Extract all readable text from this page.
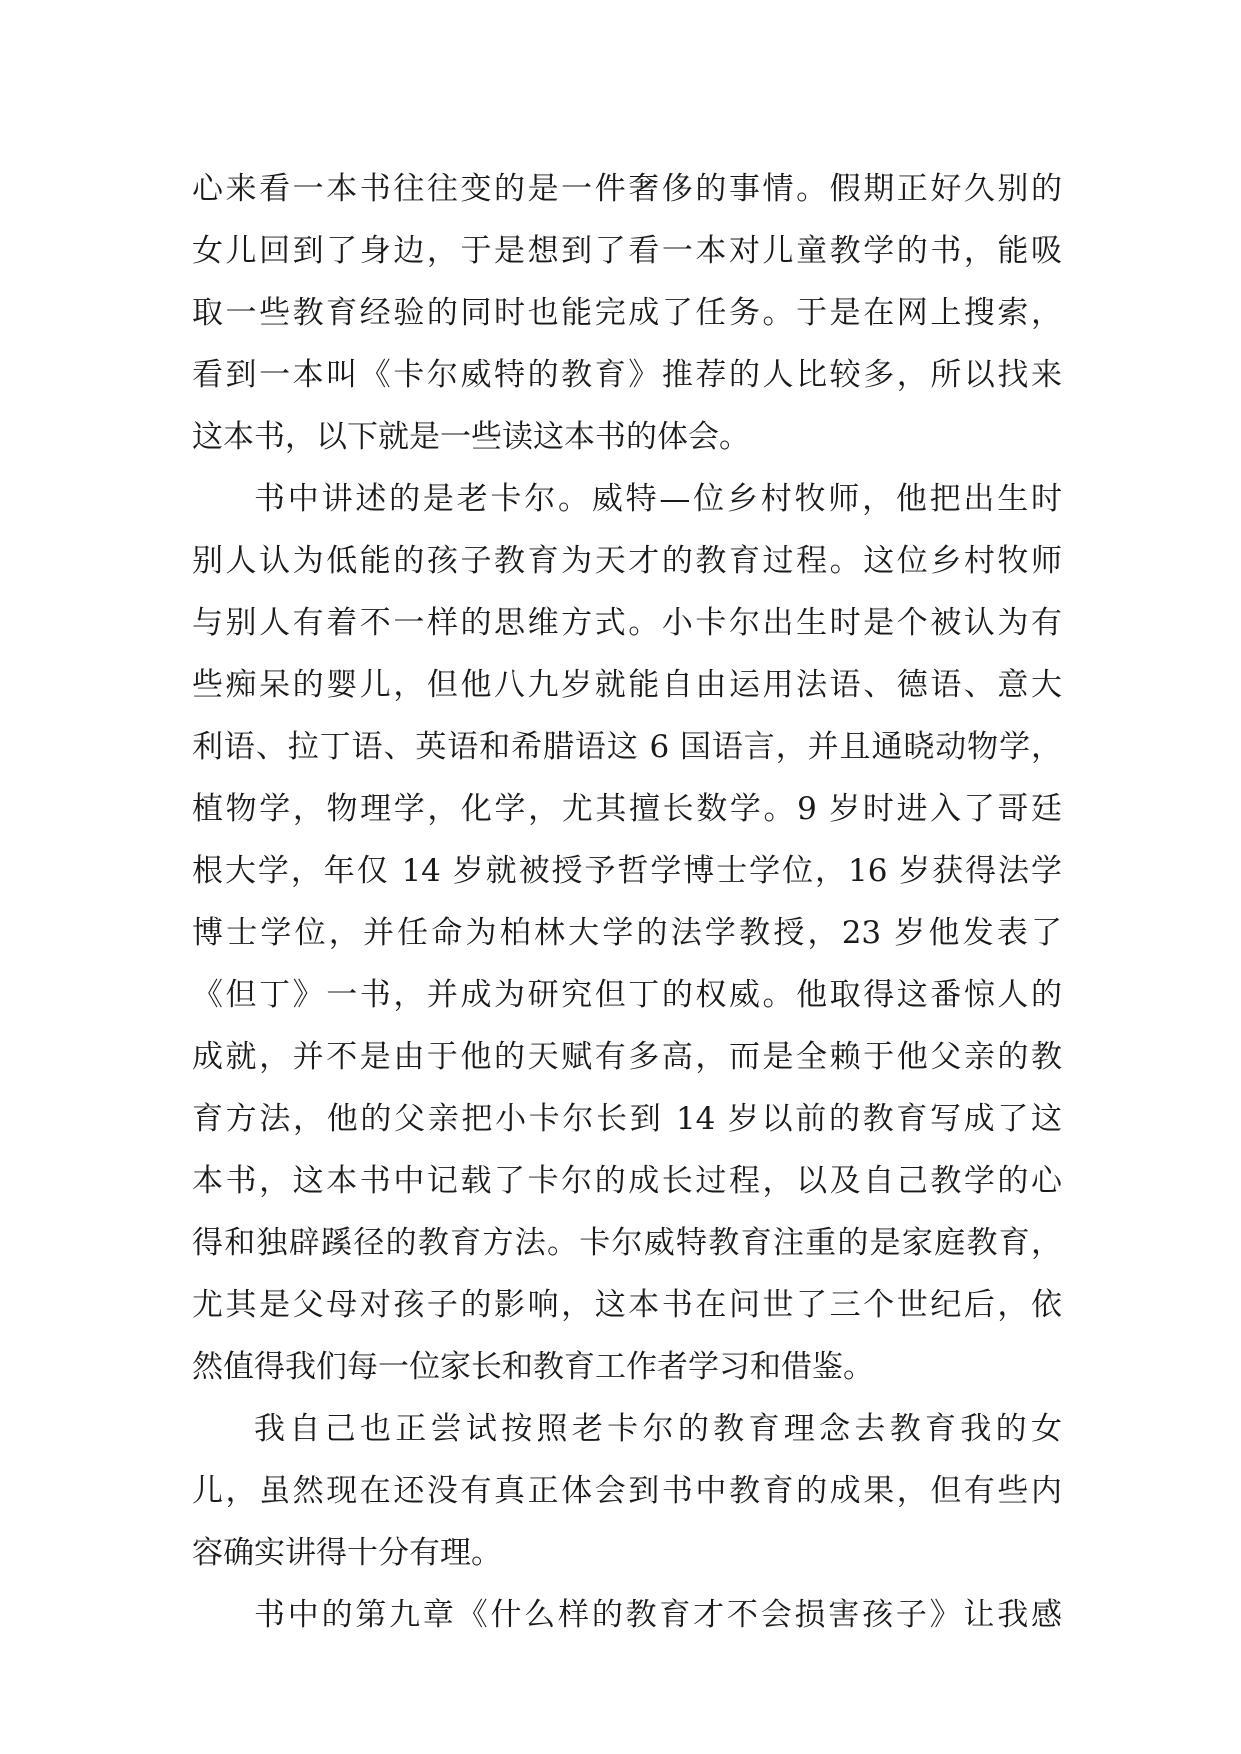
心来看一本书往往变的是一件奢侈的事情。假期正好久别的
女儿回到了身边，于是想到了看一本对儿童教学的书，能吸
取一些教育经验的同时也能完成了任务。于是在网上搜索，
看到一本叫《卡尔威特的教育》推荐的人比较多，所以找来
这本书，以下就是一些读这本书的体会。
书中讲述的是老卡尔。威特—位乡村牧师，他把出生时
别人认为低能的孩子教育为天才的教育过程。这位乡村牧师
与别人有着不一样的思维方式。小卡尔出生时是个被认为有
些痴呆的婴儿，但他八九岁就能自由运用法语、德语、意大
利语、拉丁语、英语和希腊语这 6 国语言，并且通晓动物学，
植物学，物理学，化学，尤其擅长数学。9 岁时进入了哥廷
根大学，年仅 14 岁就被授予哲学博士学位，16 岁获得法学
博士学位，并任命为柏林大学的法学教授，23 岁他发表了
《但丁》一书，并成为研究但丁的权威。他取得这番惊人的
成就，并不是由于他的天赋有多高，而是全赖于他父亲的教
育方法，他的父亲把小卡尔长到 14 岁以前的教育写成了这
本书，这本书中记载了卡尔的成长过程，以及自己教学的心
得和独辟蹊径的教育方法。卡尔威特教育注重的是家庭教育，
尤其是父母对孩子的影响，这本书在问世了三个世纪后，依
然值得我们每一位家长和教育工作者学习和借鉴。
我自己也正尝试按照老卡尔的教育理念去教育我的女
儿，虽然现在还没有真正体会到书中教育的成果，但有些内
容确实讲得十分有理。
书中的第九章《什么样的教育才不会损害孩子》让我感
